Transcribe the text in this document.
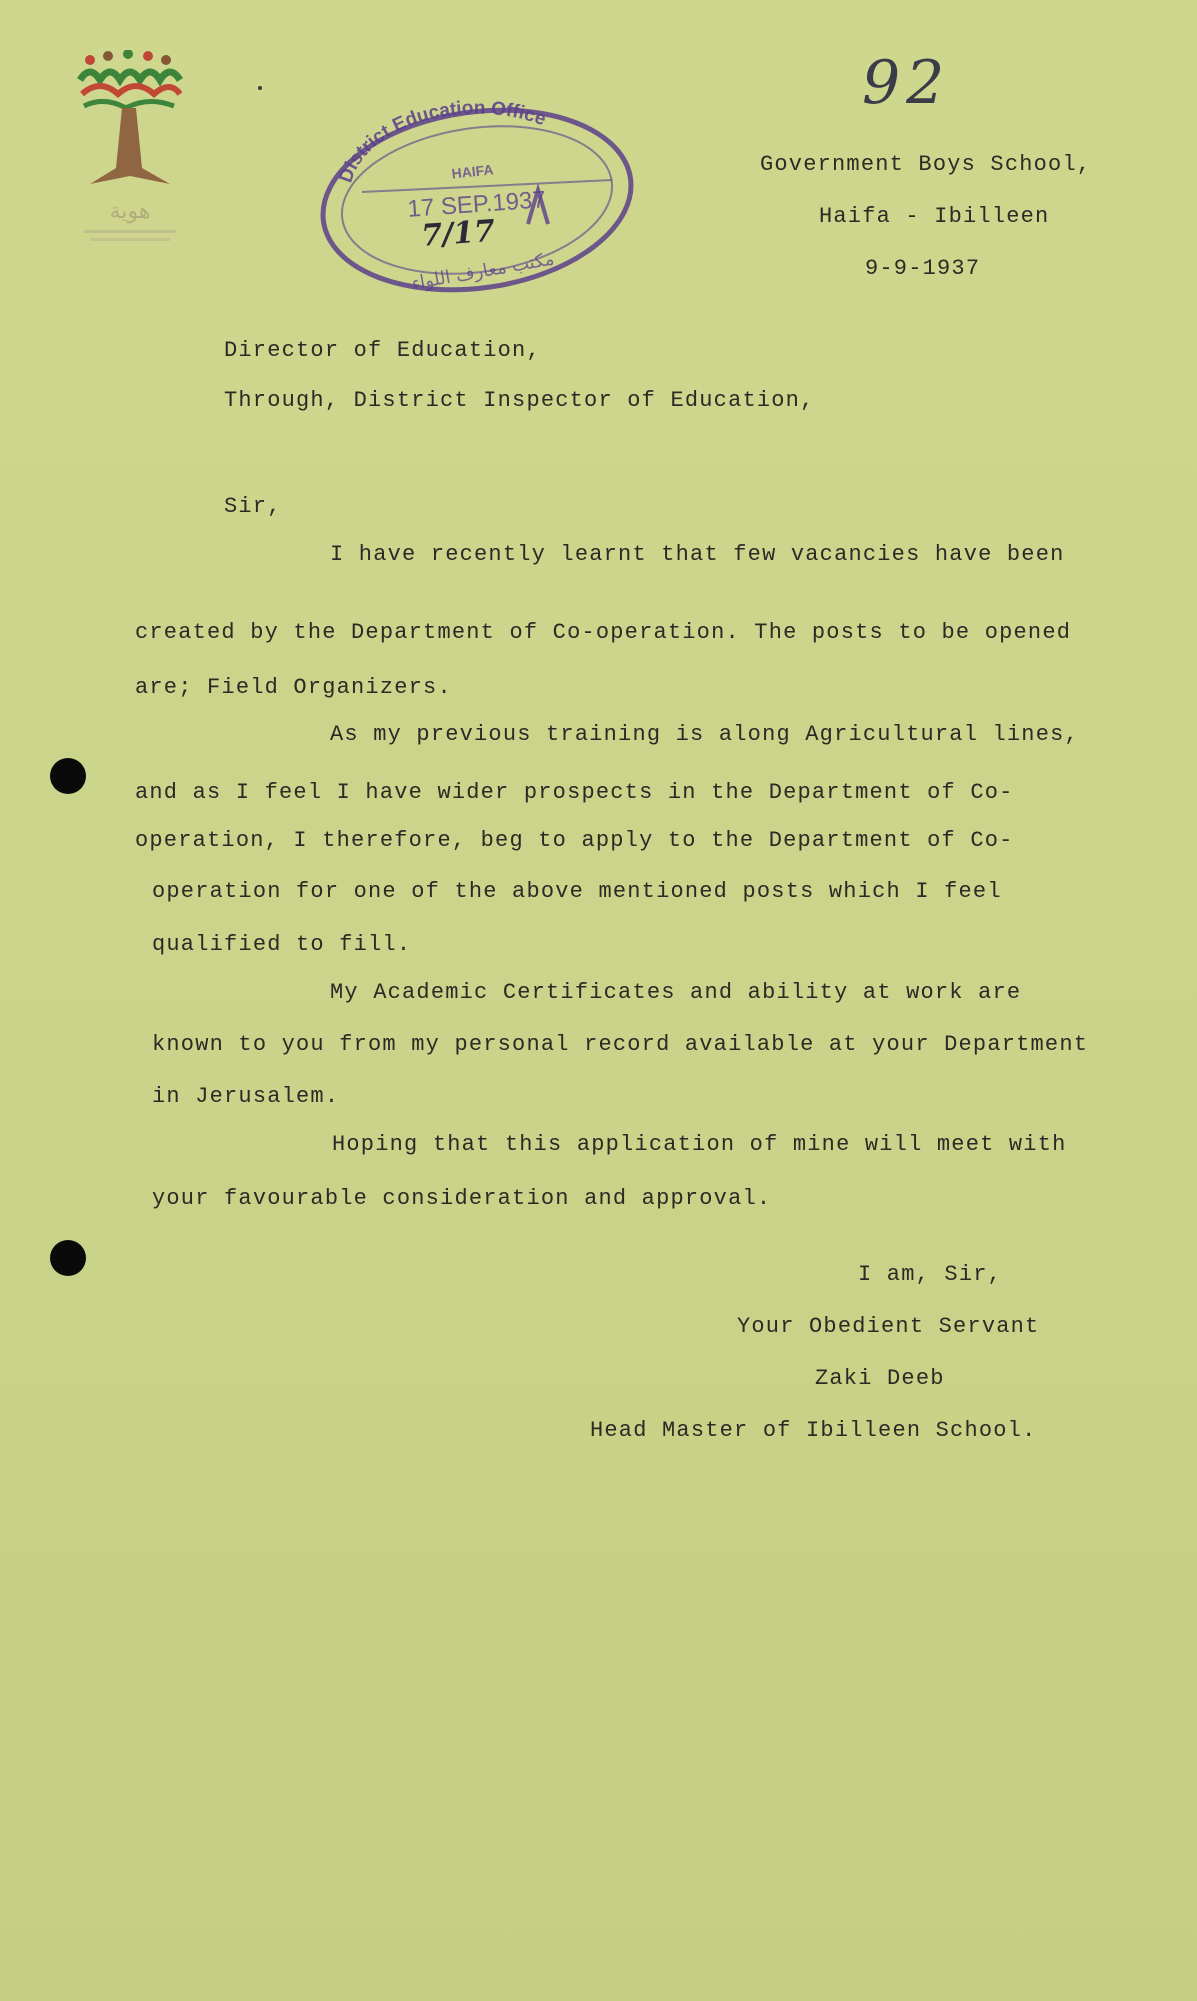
هوية
District Education Office
HAIFA
17 SEP.1937
7/17
مكتب معارف اللواء
92
Government Boys School,
Haifa - Ibilleen
9-9-1937
Director of Education,
Through, District Inspector of Education,
Sir,
I have recently learnt that few vacancies have been
created by the Department of Co-operation. The posts to be opened
are; Field Organizers.
As my previous training is along Agricultural lines,
and as I feel I have wider prospects in the Department of Co-
operation, I therefore, beg to apply to the Department of Co-
operation for one of the above mentioned posts which I feel
qualified to fill.
My Academic Certificates and ability at work are
known to you from my personal record available at your Department
in Jerusalem.
Hoping that this application of mine will meet with
your favourable consideration and approval.
I am, Sir,
Your Obedient Servant
Zaki Deeb
Head Master of Ibilleen School.
